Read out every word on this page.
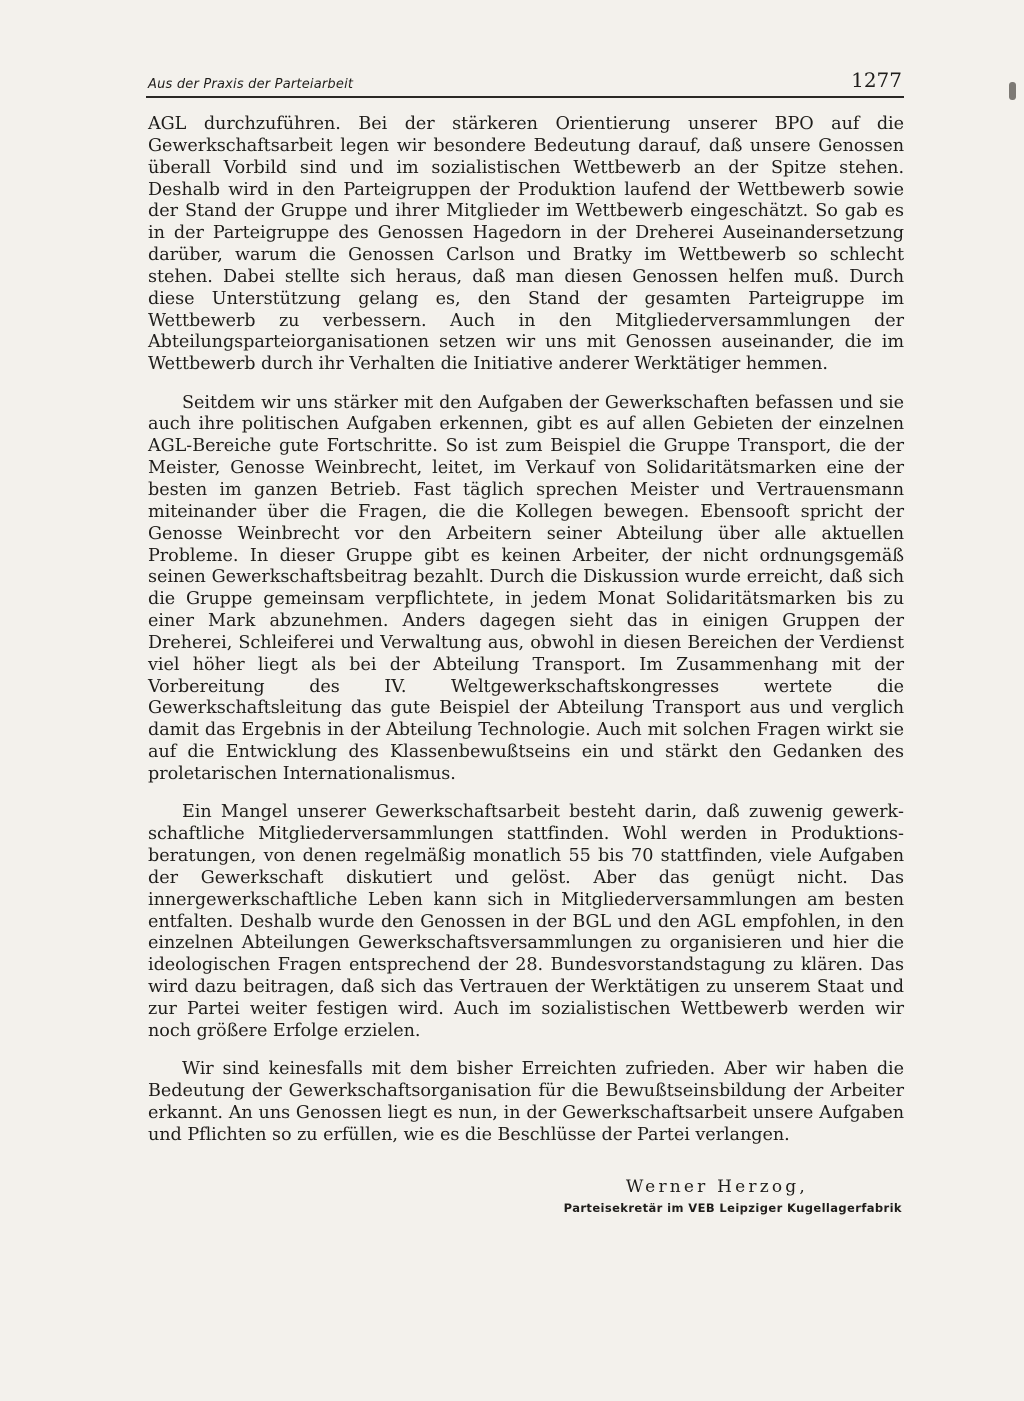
Aus der Praxis der Parteiarbeit	1277

AGL durchzuführen. Bei der stärkeren Orientierung unserer BPO auf die Gewerkschaftsarbeit legen wir besondere Bedeutung darauf, daß unsere Genossen überall Vorbild sind und im sozialistischen Wettbewerb an der Spitze stehen. Deshalb wird in den Parteigruppen der Produktion laufend der Wettbewerb sowie der Stand der Gruppe und ihrer Mitglieder im Wettbewerb eingeschätzt. So gab es in der Parteigruppe des Genossen Hagedorn in der Dreherei Auseinandersetzung darüber, warum die Genossen Carlson und Bratky im Wettbewerb so schlecht stehen. Dabei stellte sich heraus, daß man diesen Genossen helfen muß. Durch diese Unterstützung gelang es, den Stand der gesamten Parteigruppe im Wettbewerb zu verbessern. Auch in den Mitgliederversammlungen der Abteilungsparteiorganisationen setzen wir uns mit Genossen auseinander, die im Wettbewerb durch ihr Verhalten die Initiative anderer Werktätiger hemmen.

Seitdem wir uns stärker mit den Aufgaben der Gewerkschaften befassen und sie auch ihre politischen Aufgaben erkennen, gibt es auf allen Gebieten der einzelnen AGL-Bereiche gute Fortschritte. So ist zum Beispiel die Gruppe Transport, die der Meister, Genosse Weinbrecht, leitet, im Verkauf von Solidaritätsmarken eine der besten im ganzen Betrieb. Fast täglich sprechen Meister und Vertrauensmann miteinander über die Fragen, die die Kollegen bewegen. Ebensooft spricht der Genosse Weinbrecht vor den Arbeitern seiner Abteilung über alle aktuellen Probleme. In dieser Gruppe gibt es keinen Arbeiter, der nicht ordnungsgemäß seinen Gewerkschaftsbeitrag bezahlt. Durch die Diskussion wurde erreicht, daß sich die Gruppe gemeinsam verpflichtete, in jedem Monat Solidaritätsmarken bis zu einer Mark abzunehmen. Anders dagegen sieht das in einigen Gruppen der Dreherei, Schleiferei und Verwaltung aus, obwohl in diesen Bereichen der Verdienst viel höher liegt als bei der Abteilung Transport. Im Zusammenhang mit der Vorbereitung des IV. Weltgewerkschaftskongresses wertete die Gewerkschaftsleitung das gute Beispiel der Abteilung Transport aus und verglich damit das Ergebnis in der Abteilung Technologie. Auch mit solchen Fragen wirkt sie auf die Entwicklung des Klassenbewußtseins ein und stärkt den Gedanken des proletarischen Internationalismus.

Ein Mangel unserer Gewerkschaftsarbeit besteht darin, daß zuwenig gewerkschaftliche Mitgliederversammlungen stattfinden. Wohl werden in Produktionsberatungen, von denen regelmäßig monatlich 55 bis 70 stattfinden, viele Aufgaben der Gewerkschaft diskutiert und gelöst. Aber das genügt nicht. Das innergewerkschaftliche Leben kann sich in Mitgliederversammlungen am besten entfalten. Deshalb wurde den Genossen in der BGL und den AGL empfohlen, in den einzelnen Abteilungen Gewerkschaftsversammlungen zu organisieren und hier die ideologischen Fragen entsprechend der 28. Bundesvorstandstagung zu klären. Das wird dazu beitragen, daß sich das Vertrauen der Werktätigen zu unserem Staat und zur Partei weiter festigen wird. Auch im sozialistischen Wettbewerb werden wir noch größere Erfolge erzielen.

Wir sind keinesfalls mit dem bisher Erreichten zufrieden. Aber wir haben die Bedeutung der Gewerkschaftsorganisation für die Bewußtseinsbildung der Arbeiter erkannt. An uns Genossen liegt es nun, in der Gewerkschaftsarbeit unsere Aufgaben und Pflichten so zu erfüllen, wie es die Beschlüsse der Partei verlangen.

Werner Herzog,
Parteisekretär im VEB Leipziger Kugellagerfabrik
